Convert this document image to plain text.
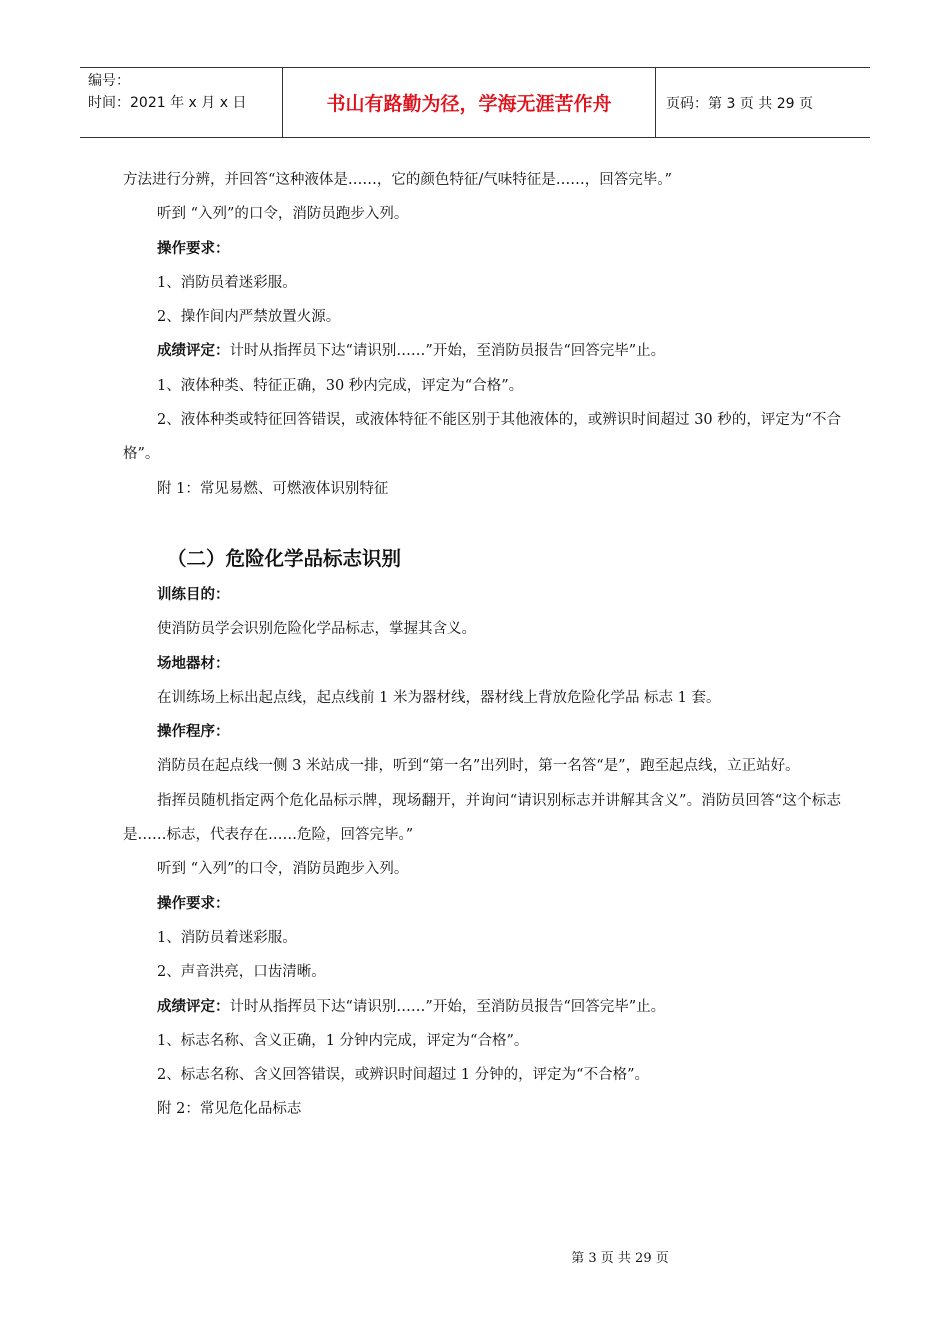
编号：
时间：2021 年 x 月 x 日	书山有路勤为径，学海无涯苦作舟	页码：第 3 页 共 29 页

方法进行分辨，并回答“这种液体是……，它的颜色特征/气味特征是……，回答完毕。”

听到 “入列”的口令，消防员跑步入列。

操作要求：

1、消防员着迷彩服。

2、操作间内严禁放置火源。

成绩评定：计时从指挥员下达“请识别……”开始，至消防员报告“回答完毕”止。

1、液体种类、特征正确，30 秒内完成，评定为“合格”。

2、液体种类或特征回答错误，或液体特征不能区别于其他液体的，或辨识时间超过 30 秒的，评定为“不合格”。

附 1：常见易燃、可燃液体识别特征

（二）危险化学品标志识别

训练目的：

使消防员学会识别危险化学品标志，掌握其含义。

场地器材：

在训练场上标出起点线，起点线前 1 米为器材线，器材线上背放危险化学品 标志 1 套。

操作程序：

消防员在起点线一侧 3 米站成一排，听到“第一名”出列时，第一名答“是”，跑至起点线，立正站好。

指挥员随机指定两个危化品标示牌，现场翻开，并询问“请识别标志并讲解其含义”。消防员回答“这个标志是……标志，代表存在……危险，回答完毕。”

听到 “入列”的口令，消防员跑步入列。

操作要求：

1、消防员着迷彩服。

2、声音洪亮，口齿清晰。

成绩评定：计时从指挥员下达“请识别……”开始，至消防员报告“回答完毕”止。

1、标志名称、含义正确，1 分钟内完成，评定为“合格”。

2、标志名称、含义回答错误，或辨识时间超过 1 分钟的，评定为“不合格”。

附 2：常见危化品标志

第 3 页 共 29 页
